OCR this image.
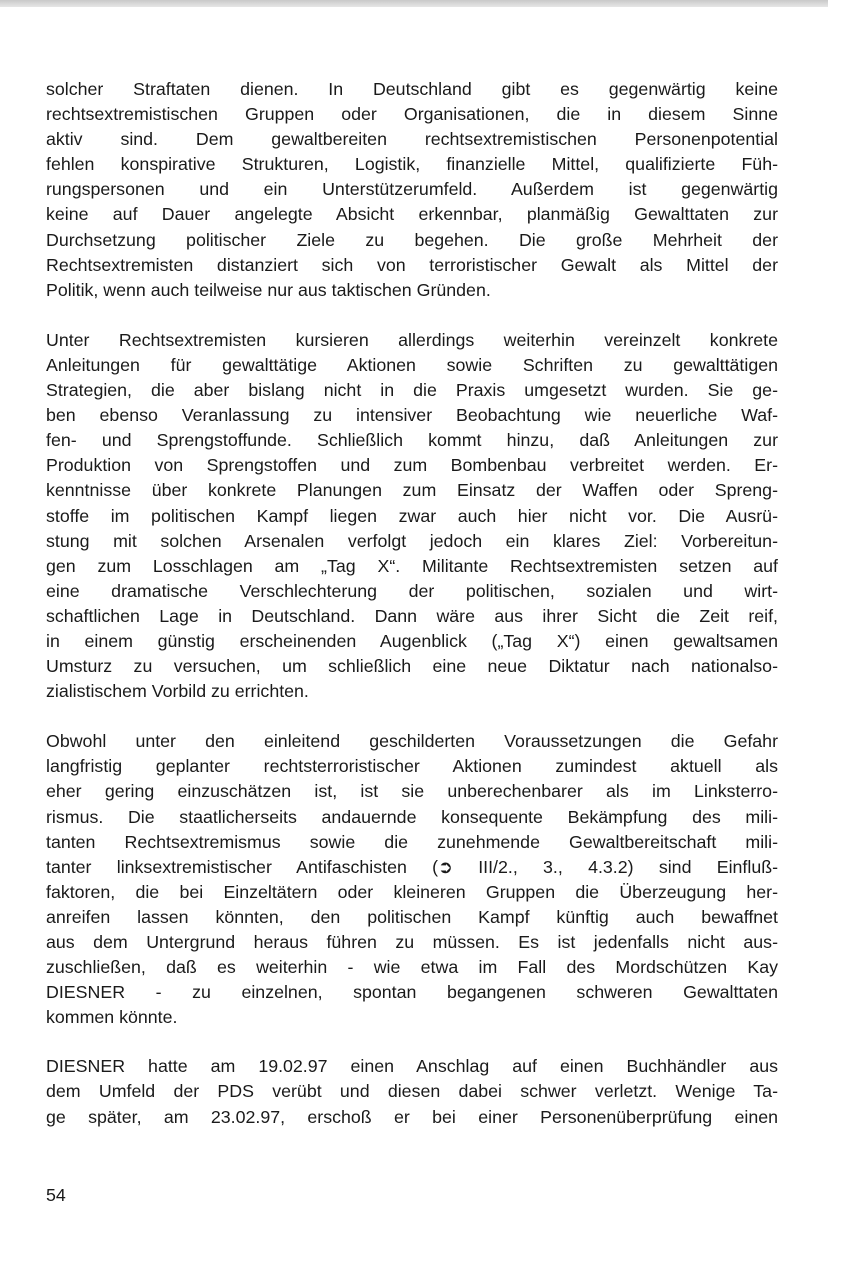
solcher Straftaten dienen. In Deutschland gibt es gegenwärtig keine
rechtsextremistischen Gruppen oder Organisationen, die in diesem Sinne
aktiv sind. Dem gewaltbereiten rechtsextremistischen Personenpotential
fehlen konspirative Strukturen, Logistik, finanzielle Mittel, qualifizierte Füh-
rungspersonen und ein Unterstützerumfeld. Außerdem ist gegenwärtig
keine auf Dauer angelegte Absicht erkennbar, planmäßig Gewalttaten zur
Durchsetzung politischer Ziele zu begehen. Die große Mehrheit der
Rechtsextremisten distanziert sich von terroristischer Gewalt als Mittel der
Politik, wenn auch teilweise nur aus taktischen Gründen.

Unter Rechtsextremisten kursieren allerdings weiterhin vereinzelt konkrete
Anleitungen für gewalttätige Aktionen sowie Schriften zu gewalttätigen
Strategien, die aber bislang nicht in die Praxis umgesetzt wurden. Sie ge-
ben ebenso Veranlassung zu intensiver Beobachtung wie neuerliche Waf-
fen- und Sprengstoffunde. Schließlich kommt hinzu, daß Anleitungen zur
Produktion von Sprengstoffen und zum Bombenbau verbreitet werden. Er-
kenntnisse über konkrete Planungen zum Einsatz der Waffen oder Spreng-
stoffe im politischen Kampf liegen zwar auch hier nicht vor. Die Ausrü-
stung mit solchen Arsenalen verfolgt jedoch ein klares Ziel: Vorbereitun-
gen zum Losschlagen am „Tag X“. Militante Rechtsextremisten setzen auf
eine dramatische Verschlechterung der politischen, sozialen und wirt-
schaftlichen Lage in Deutschland. Dann wäre aus ihrer Sicht die Zeit reif,
in einem günstig erscheinenden Augenblick („Tag X“) einen gewaltsamen
Umsturz zu versuchen, um schließlich eine neue Diktatur nach nationalso-
zialistischem Vorbild zu errichten.

Obwohl unter den einleitend geschilderten Voraussetzungen die Gefahr
langfristig geplanter rechtsterroristischer Aktionen zumindest aktuell als
eher gering einzuschätzen ist, ist sie unberechenbarer als im Linksterro-
rismus. Die staatlicherseits andauernde konsequente Bekämpfung des mili-
tanten Rechtsextremismus sowie die zunehmende Gewaltbereitschaft mili-
tanter linksextremistischer Antifaschisten (➲ III/2., 3., 4.3.2) sind Einfluß-
faktoren, die bei Einzeltätern oder kleineren Gruppen die Überzeugung her-
anreifen lassen könnten, den politischen Kampf künftig auch bewaffnet
aus dem Untergrund heraus führen zu müssen. Es ist jedenfalls nicht aus-
zuschließen, daß es weiterhin - wie etwa im Fall des Mordschützen Kay
DIESNER - zu einzelnen, spontan begangenen schweren Gewalttaten
kommen könnte.

DIESNER hatte am 19.02.97 einen Anschlag auf einen Buchhändler aus
dem Umfeld der PDS verübt und diesen dabei schwer verletzt. Wenige Ta-
ge später, am 23.02.97, erschoß er bei einer Personenüberprüfung einen

54
